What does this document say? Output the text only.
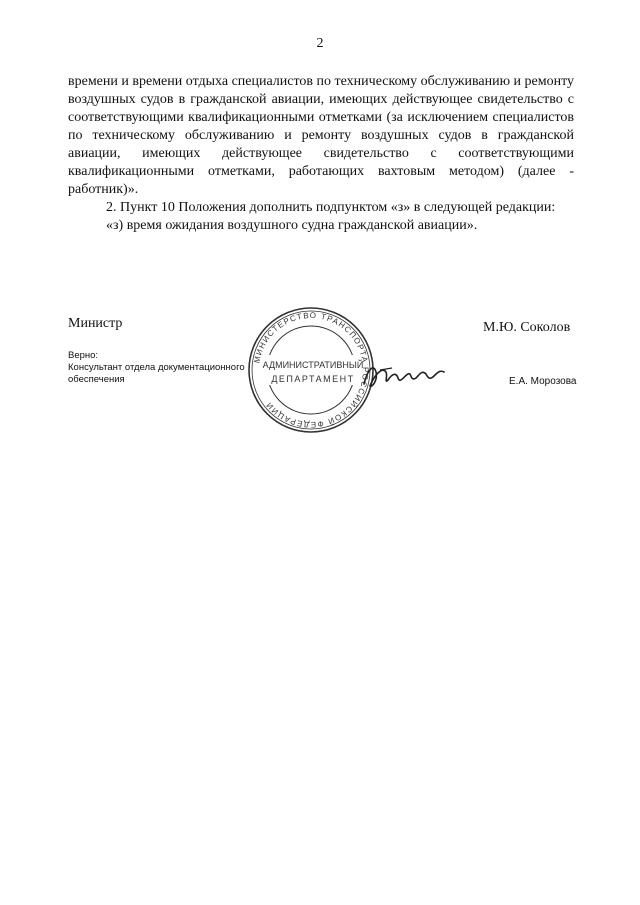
2
времени и времени отдыха специалистов по техническому обслуживанию и ремонту
воздушных судов в гражданской авиации, имеющих действующее свидетельство с
соответствующими квалификационными отметками (за исключением специалистов
по техническому обслуживанию и ремонту воздушных судов в гражданской
авиации, имеющих действующее свидетельство с соответствующими
квалификационными отметками, работающих вахтовым методом) (далее -
работник)».
2. Пункт 10 Положения дополнить подпунктом «з» в следующей редакции:
«з) время ожидания воздушного судна гражданской авиации».
Министр	М.Ю. Соколов
Верно:
Консультант отдела документационного
обеспечения	Е.А. Морозова
МИНИСТЕРСТВО ТРАНСПОРТА РОССИЙСКОЙ ФЕДЕРАЦИИ
АДМИНИСТРАТИВНЫЙ
ДЕПАРТАМЕНТ
